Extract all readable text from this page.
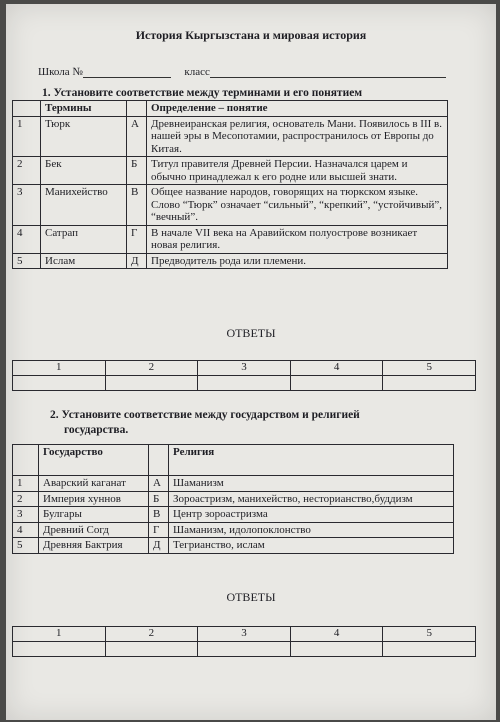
История Кыргызстана и мировая история
Школа №	класс
1. Установите соответствие между терминами и его понятием
	Термины		Определение – понятие
1	Тюрк	А	Древнеиранская религия, основатель Мани. Появилось в III в. нашей эры в Месопотамии, распространилось от Европы до Китая.
2	Бек	Б	Титул правителя Древней Персии. Назначался царем и обычно принадлежал к его родне или высшей знати.
3	Манихейство	В	Общее название народов, говорящих на тюркском языке. Слово “Тюрк” означает “сильный”, “крепкий”, “устойчивый”, “вечный”.
4	Сатрап	Г	В начале VII века на Аравийском полуострове возникает новая религия.
5	Ислам	Д	Предводитель рода или племени.
ОТВЕТЫ
1	2	3	4	5

2. Установите соответствие между государством и религией
государства.
	Государство		Религия
1	Аварский каганат	А	Шаманизм
2	Империя хуннов	Б	Зороастризм, манихейство, несторианство,буддизм
3	Булгары	В	Центр зороастризма
4	Древний Согд	Г	Шаманизм, идолопоклонство
5	Древняя Бактрия	Д	Тегрианство, ислам
ОТВЕТЫ
1	2	3	4	5
